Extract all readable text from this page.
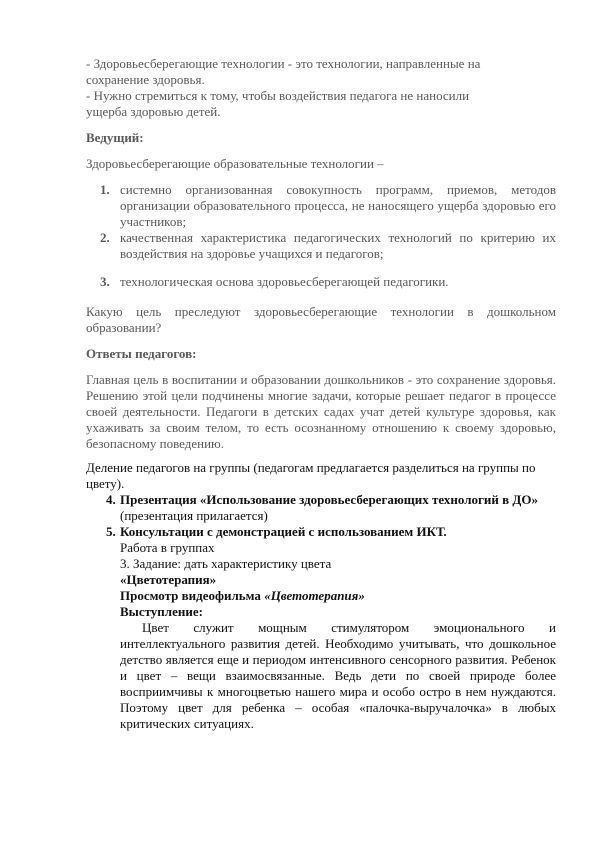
- Здоровьесберегающие технологии - это технологии, направленные на сохранение здоровья.

- Нужно стремиться к тому, чтобы воздействия педагога не наносили ущерба здоровью детей.

Ведущий:

Здоровьесберегающие образовательные технологии –

1. системно организованная совокупность программ, приемов, методов организации образовательного процесса, не наносящего ущерба здоровью его участников;
2. качественная характеристика педагогических технологий по критерию их воздействия на здоровье учащихся и педагогов;
3. технологическая основа здоровьесберегающей педагогики.

Какую цель преследуют здоровьесберегающие технологии в дошкольном образовании?

Ответы педагогов:

Главная цель в воспитании и образовании дошкольников - это сохранение здоровья. Решению этой цели подчинены многие задачи, которые решает педагог в процессе своей деятельности. Педагоги в детских садах учат детей культуре здоровья, как ухаживать за своим телом, то есть осознанному отношению к своему здоровью, безопасному поведению.

Деление педагогов на группы (педагогам предлагается разделиться на группы по цвету).

4. Презентация «Использование здоровьесберегающих технологий в ДО» (презентация прилагается)
5. Консультации с демонстрацией с использованием ИКТ.

Работа в группах

3. Задание: дать характеристику цвета

«Цветотерапия»

Просмотр видеофильма «Цветотерапия»

Выступление:

Цвет служит мощным стимулятором эмоционального и интеллектуального развития детей. Необходимо учитывать, что дошкольное детство является еще и периодом интенсивного сенсорного развития. Ребенок и цвет – вещи взаимосвязанные. Ведь дети по своей природе более восприимчивы к многоцветью нашего мира и особо остро в нем нуждаются. Поэтому цвет для ребенка – особая «палочка-выручалочка» в любых критических ситуациях.
